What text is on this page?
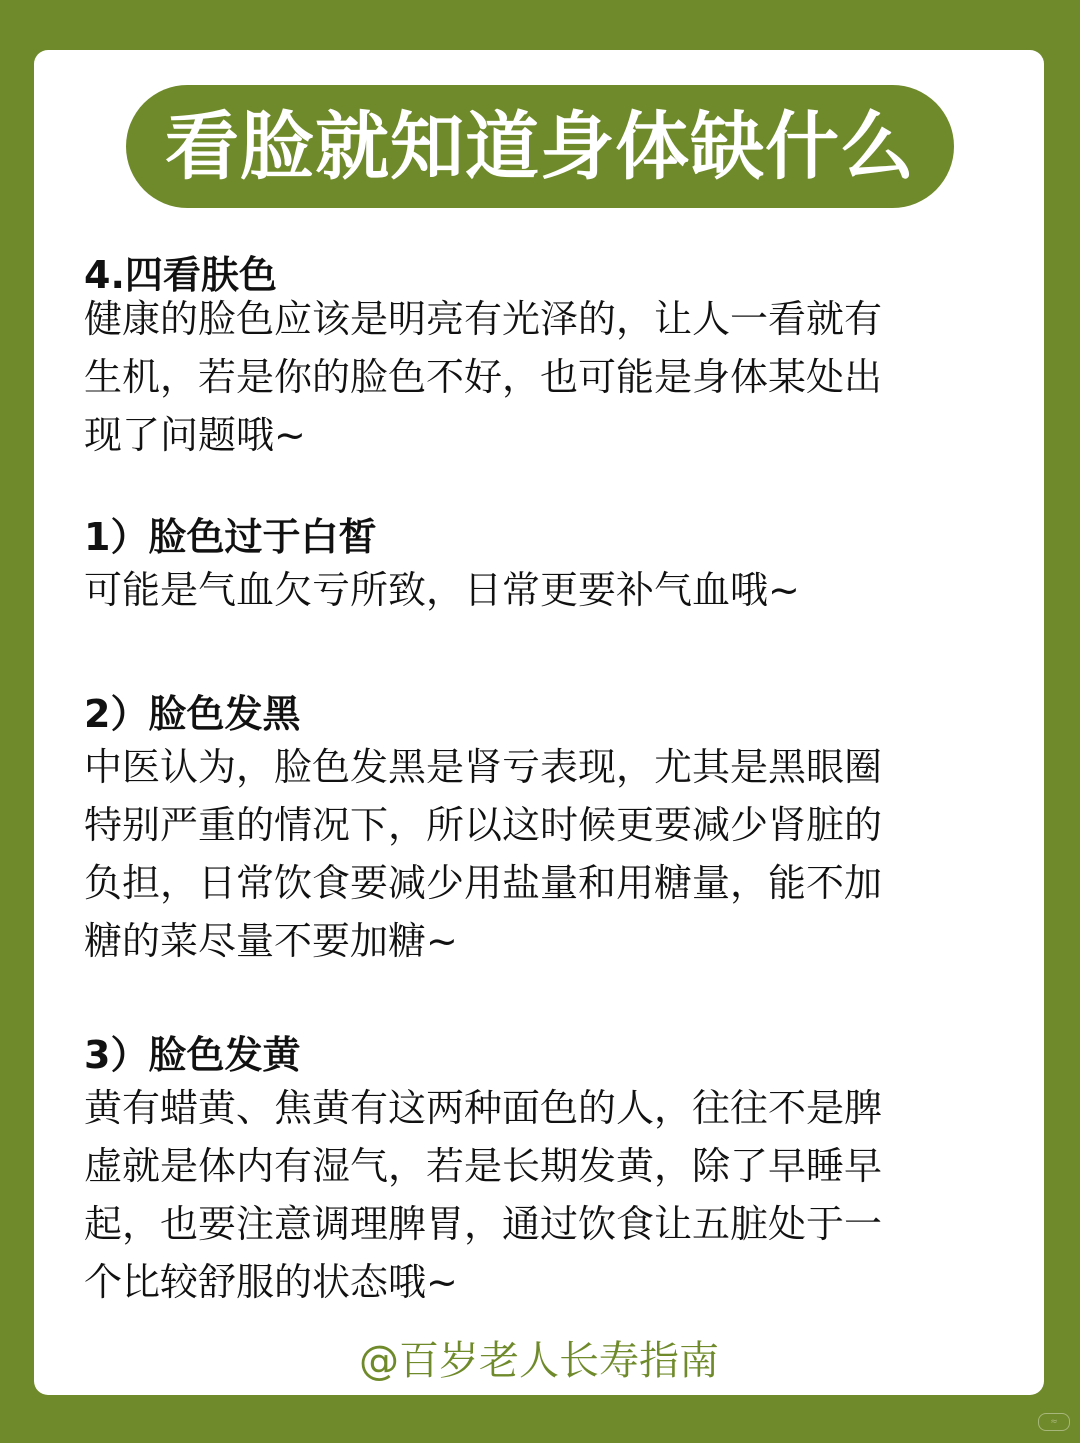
看脸就知道身体缺什么

4.四看肤色

健康的脸色应该是明亮有光泽的，让人一看就有
生机，若是你的脸色不好，也可能是身体某处出
现了问题哦~

1）脸色过于白皙

可能是气血欠亏所致，日常更要补气血哦~

2）脸色发黑

中医认为，脸色发黑是肾亏表现，尤其是黑眼圈
特别严重的情况下，所以这时候更要减少肾脏的
负担，日常饮食要减少用盐量和用糖量，能不加
糖的菜尽量不要加糖~

3）脸色发黄

黄有蜡黄、焦黄有这两种面色的人，往往不是脾
虚就是体内有湿气，若是长期发黄，除了早睡早
起，也要注意调理脾胃，通过饮食让五脏处于一
个比较舒服的状态哦~

@百岁老人长寿指南
≈
